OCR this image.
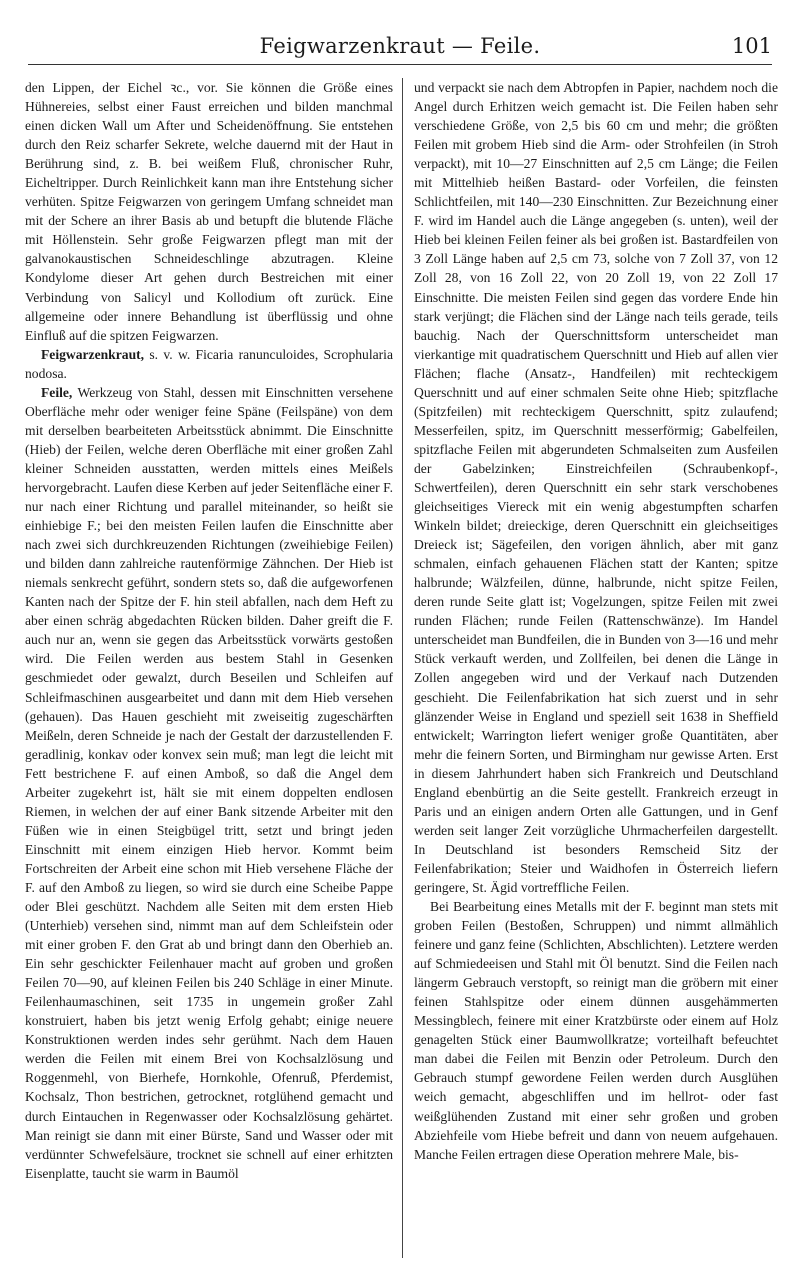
Feigwarzenkraut — Feile.	101

den Lippen, der Eichel ꝛc., vor. Sie können die Größe eines Hühnereies, selbst einer Faust erreichen und bilden manchmal einen dicken Wall um After und Scheidenöffnung. Sie entstehen durch den Reiz scharfer Sekrete, welche dauernd mit der Haut in Berührung sind, z. B. bei weißem Fluß, chronischer Ruhr, Eicheltripper. Durch Reinlichkeit kann man ihre Entstehung sicher verhüten. Spitze Feigwarzen von geringem Umfang schneidet man mit der Schere an ihrer Basis ab und betupft die blutende Fläche mit Höllenstein. Sehr große Feigwarzen pflegt man mit der galvanokaustischen Schneideschlinge abzutragen. Kleine Kondylome dieser Art gehen durch Bestreichen mit einer Verbindung von Salicyl und Kollodium oft zurück. Eine allgemeine oder innere Behandlung ist überflüssig und ohne Einfluß auf die spitzen Feigwarzen.

Feigwarzenkraut, s. v. w. Ficaria ranunculoides, Scrophularia nodosa.

Feile, Werkzeug von Stahl, dessen mit Einschnitten versehene Oberfläche mehr oder weniger feine Späne (Feilspäne) von dem mit derselben bearbeiteten Arbeitsstück abnimmt. Die Einschnitte (Hieb) der Feilen, welche deren Oberfläche mit einer großen Zahl kleiner Schneiden ausstatten, werden mittels eines Meißels hervorgebracht. Laufen diese Kerben auf jeder Seitenfläche einer F. nur nach einer Richtung und parallel miteinander, so heißt sie einhiebige F.; bei den meisten Feilen laufen die Einschnitte aber nach zwei sich durchkreuzenden Richtungen (zweihiebige Feilen) und bilden dann zahlreiche rautenförmige Zähnchen. Der Hieb ist niemals senkrecht geführt, sondern stets so, daß die aufgeworfenen Kanten nach der Spitze der F. hin steil abfallen, nach dem Heft zu aber einen schräg abgedachten Rücken bilden. Daher greift die F. auch nur an, wenn sie gegen das Arbeitsstück vorwärts gestoßen wird. Die Feilen werden aus bestem Stahl in Gesenken geschmiedet oder gewalzt, durch Beseilen und Schleifen auf Schleifmaschinen ausgearbeitet und dann mit dem Hieb versehen (gehauen). Das Hauen geschieht mit zweiseitig zugeschärften Meißeln, deren Schneide je nach der Gestalt der darzustellenden F. geradlinig, konkav oder konvex sein muß; man legt die leicht mit Fett bestrichene F. auf einen Amboß, so daß die Angel dem Arbeiter zugekehrt ist, hält sie mit einem doppelten endlosen Riemen, in welchen der auf einer Bank sitzende Arbeiter mit den Füßen wie in einen Steigbügel tritt, setzt und bringt jeden Einschnitt mit einem einzigen Hieb hervor. Kommt beim Fortschreiten der Arbeit eine schon mit Hieb versehene Fläche der F. auf den Amboß zu liegen, so wird sie durch eine Scheibe Pappe oder Blei geschützt. Nachdem alle Seiten mit dem ersten Hieb (Unterhieb) versehen sind, nimmt man auf dem Schleifstein oder mit einer groben F. den Grat ab und bringt dann den Oberhieb an. Ein sehr geschickter Feilenhauer macht auf groben und großen Feilen 70—90, auf kleinen Feilen bis 240 Schläge in einer Minute. Feilenhaumaschinen, seit 1735 in ungemein großer Zahl konstruiert, haben bis jetzt wenig Erfolg gehabt; einige neuere Konstruktionen werden indes sehr gerühmt. Nach dem Hauen werden die Feilen mit einem Brei von Kochsalzlösung und Roggenmehl, von Bierhefe, Hornkohle, Ofenruß, Pferdemist, Kochsalz, Thon bestrichen, getrocknet, rotglühend gemacht und durch Eintauchen in Regenwasser oder Kochsalzlösung gehärtet. Man reinigt sie dann mit einer Bürste, Sand und Wasser oder mit verdünnter Schwefelsäure, trocknet sie schnell auf einer erhitzten Eisenplatte, taucht sie warm in Baumöl

und verpackt sie nach dem Abtropfen in Papier, nachdem noch die Angel durch Erhitzen weich gemacht ist. Die Feilen haben sehr verschiedene Größe, von 2,5 bis 60 cm und mehr; die größten Feilen mit grobem Hieb sind die Arm- oder Strohfeilen (in Stroh verpackt), mit 10—27 Einschnitten auf 2,5 cm Länge; die Feilen mit Mittelhieb heißen Bastard- oder Vorfeilen, die feinsten Schlichtfeilen, mit 140—230 Einschnitten. Zur Bezeichnung einer F. wird im Handel auch die Länge angegeben (s. unten), weil der Hieb bei kleinen Feilen feiner als bei großen ist. Bastardfeilen von 3 Zoll Länge haben auf 2,5 cm 73, solche von 7 Zoll 37, von 12 Zoll 28, von 16 Zoll 22, von 20 Zoll 19, von 22 Zoll 17 Einschnitte. Die meisten Feilen sind gegen das vordere Ende hin stark verjüngt; die Flächen sind der Länge nach teils gerade, teils bauchig. Nach der Querschnittsform unterscheidet man vierkantige mit quadratischem Querschnitt und Hieb auf allen vier Flächen; flache (Ansatz-, Handfeilen) mit rechteckigem Querschnitt und auf einer schmalen Seite ohne Hieb; spitzflache (Spitzfeilen) mit rechteckigem Querschnitt, spitz zulaufend; Messerfeilen, spitz, im Querschnitt messerförmig; Gabelfeilen, spitzflache Feilen mit abgerundeten Schmalseiten zum Ausfeilen der Gabelzinken; Einstreichfeilen (Schraubenkopf-, Schwertfeilen), deren Querschnitt ein sehr stark verschobenes gleichseitiges Viereck mit ein wenig abgestumpften scharfen Winkeln bildet; dreieckige, deren Querschnitt ein gleichseitiges Dreieck ist; Sägefeilen, den vorigen ähnlich, aber mit ganz schmalen, einfach gehauenen Flächen statt der Kanten; spitze halbrunde; Wälzfeilen, dünne, halbrunde, nicht spitze Feilen, deren runde Seite glatt ist; Vogelzungen, spitze Feilen mit zwei runden Flächen; runde Feilen (Rattenschwänze). Im Handel unterscheidet man Bundfeilen, die in Bunden von 3—16 und mehr Stück verkauft werden, und Zollfeilen, bei denen die Länge in Zollen angegeben wird und der Verkauf nach Dutzenden geschieht. Die Feilenfabrikation hat sich zuerst und in sehr glänzender Weise in England und speziell seit 1638 in Sheffield entwickelt; Warrington liefert weniger große Quantitäten, aber mehr die feinern Sorten, und Birmingham nur gewisse Arten. Erst in diesem Jahrhundert haben sich Frankreich und Deutschland England ebenbürtig an die Seite gestellt. Frankreich erzeugt in Paris und an einigen andern Orten alle Gattungen, und in Genf werden seit langer Zeit vorzügliche Uhrmacherfeilen dargestellt. In Deutschland ist besonders Remscheid Sitz der Feilenfabrikation; Steier und Waidhofen in Österreich liefern geringere, St. Ägid vortreffliche Feilen.

Bei Bearbeitung eines Metalls mit der F. beginnt man stets mit groben Feilen (Bestoßen, Schruppen) und nimmt allmählich feinere und ganz feine (Schlichten, Abschlichten). Letztere werden auf Schmiedeeisen und Stahl mit Öl benutzt. Sind die Feilen nach längerm Gebrauch verstopft, so reinigt man die gröbern mit einer feinen Stahlspitze oder einem dünnen ausgehämmerten Messingblech, feinere mit einer Kratzbürste oder einem auf Holz genagelten Stück einer Baumwollkratze; vorteilhaft befeuchtet man dabei die Feilen mit Benzin oder Petroleum. Durch den Gebrauch stumpf gewordene Feilen werden durch Ausglühen weich gemacht, abgeschliffen und im hellrot- oder fast weißglühenden Zustand mit einer sehr großen und groben Abziehfeile vom Hiebe befreit und dann von neuem aufgehauen. Manche Feilen ertragen diese Operation mehrere Male, bis-
